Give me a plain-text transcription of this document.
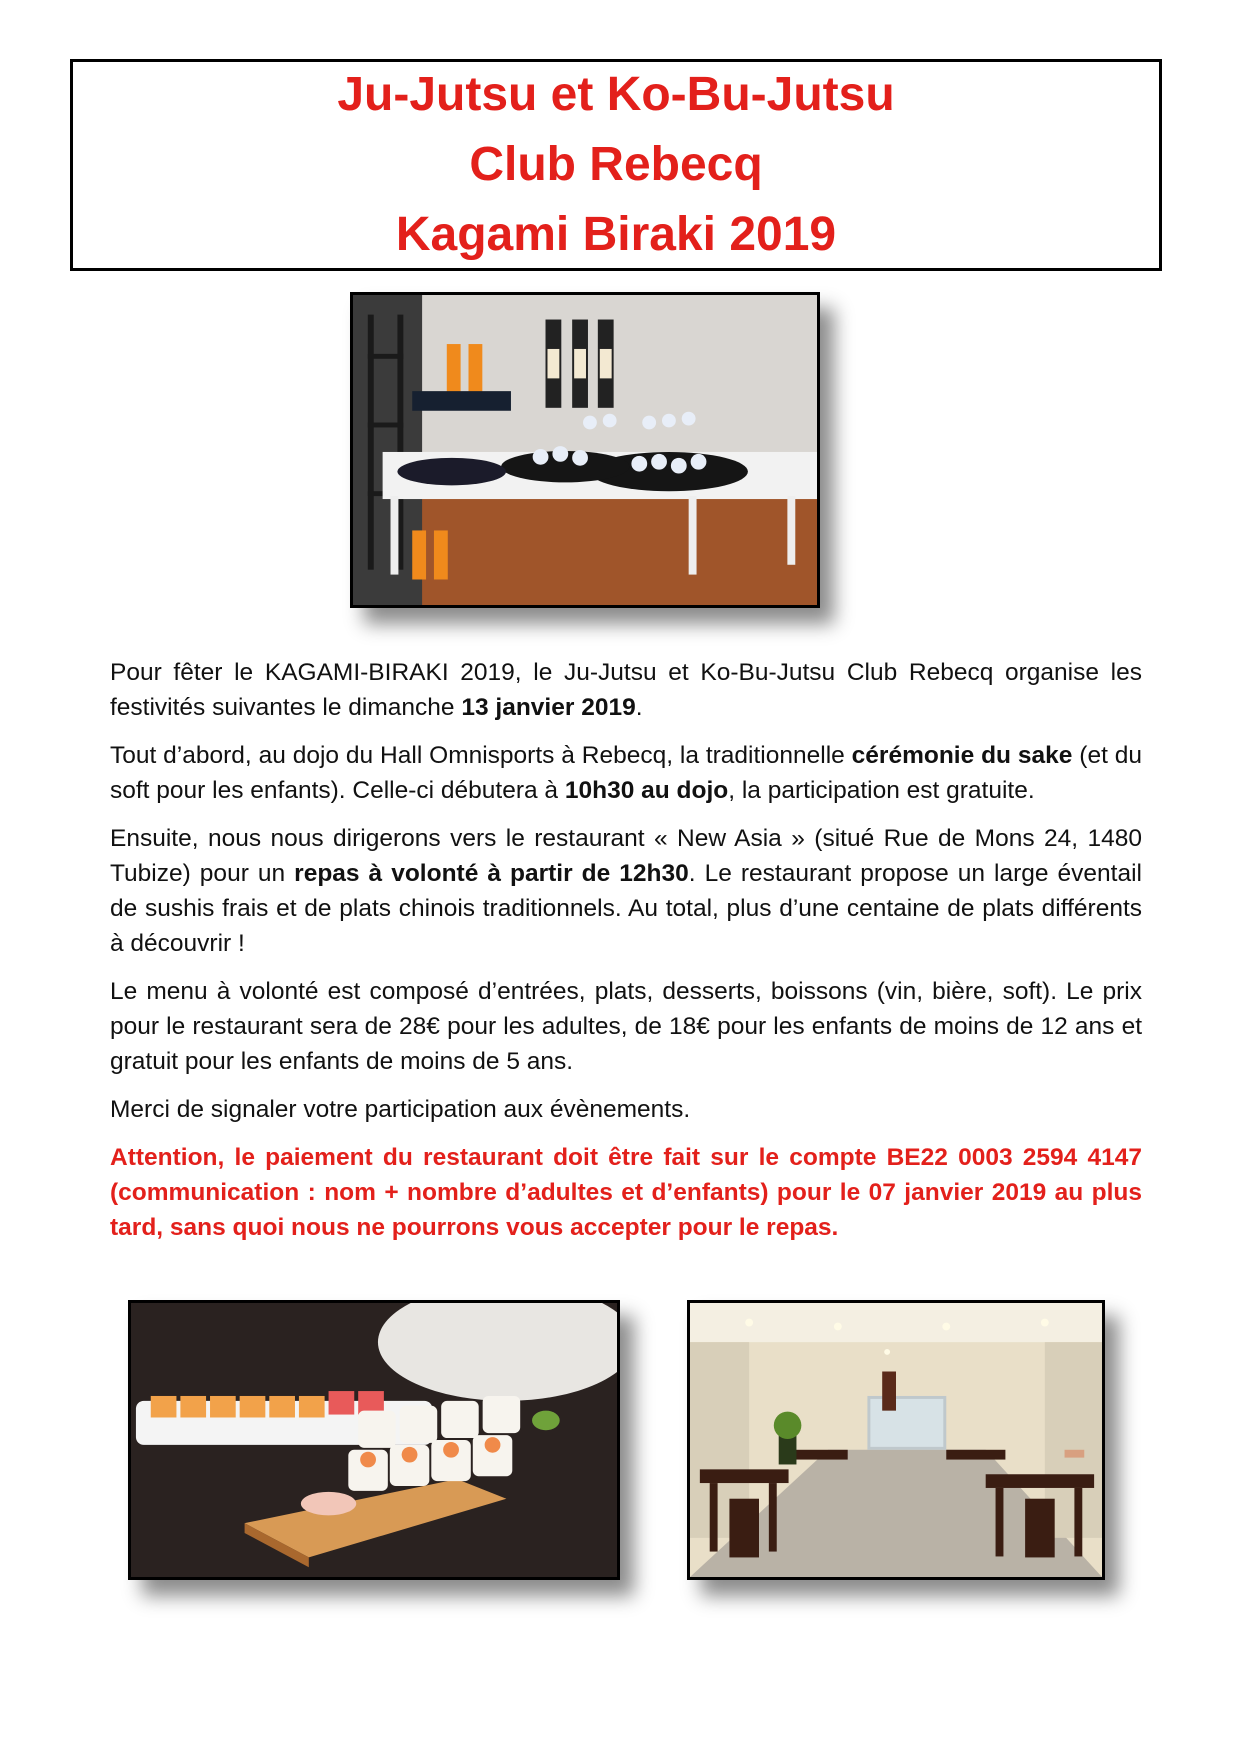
Ju-Jutsu et Ko-Bu-Jutsu
Club Rebecq
Kagami Biraki 2019

Pour fêter le KAGAMI-BIRAKI 2019, le Ju-Jutsu et Ko-Bu-Jutsu Club Rebecq organise les festivités suivantes le dimanche 13 janvier 2019.

Tout d’abord, au dojo du Hall Omnisports à Rebecq, la traditionnelle cérémonie du sake (et du soft pour les enfants). Celle-ci débutera à 10h30 au dojo, la participation est gratuite.

Ensuite, nous nous dirigerons vers le restaurant « New Asia » (situé Rue de Mons 24, 1480 Tubize) pour un repas à volonté à partir de 12h30. Le restaurant propose un large éventail de sushis frais et de plats chinois traditionnels. Au total, plus d’une centaine de plats différents à découvrir !

Le menu à volonté est composé d’entrées, plats, desserts, boissons (vin, bière, soft). Le prix pour le restaurant sera de 28€ pour les adultes, de 18€ pour les enfants de moins de 12 ans et gratuit pour les enfants de moins de 5 ans.

Merci de signaler votre participation aux évènements.

Attention, le paiement du restaurant doit être fait sur le compte BE22 0003 2594 4147 (communication : nom + nombre d’adultes et d’enfants) pour le 07 janvier 2019 au plus tard, sans quoi nous ne pourrons vous accepter pour le repas.
